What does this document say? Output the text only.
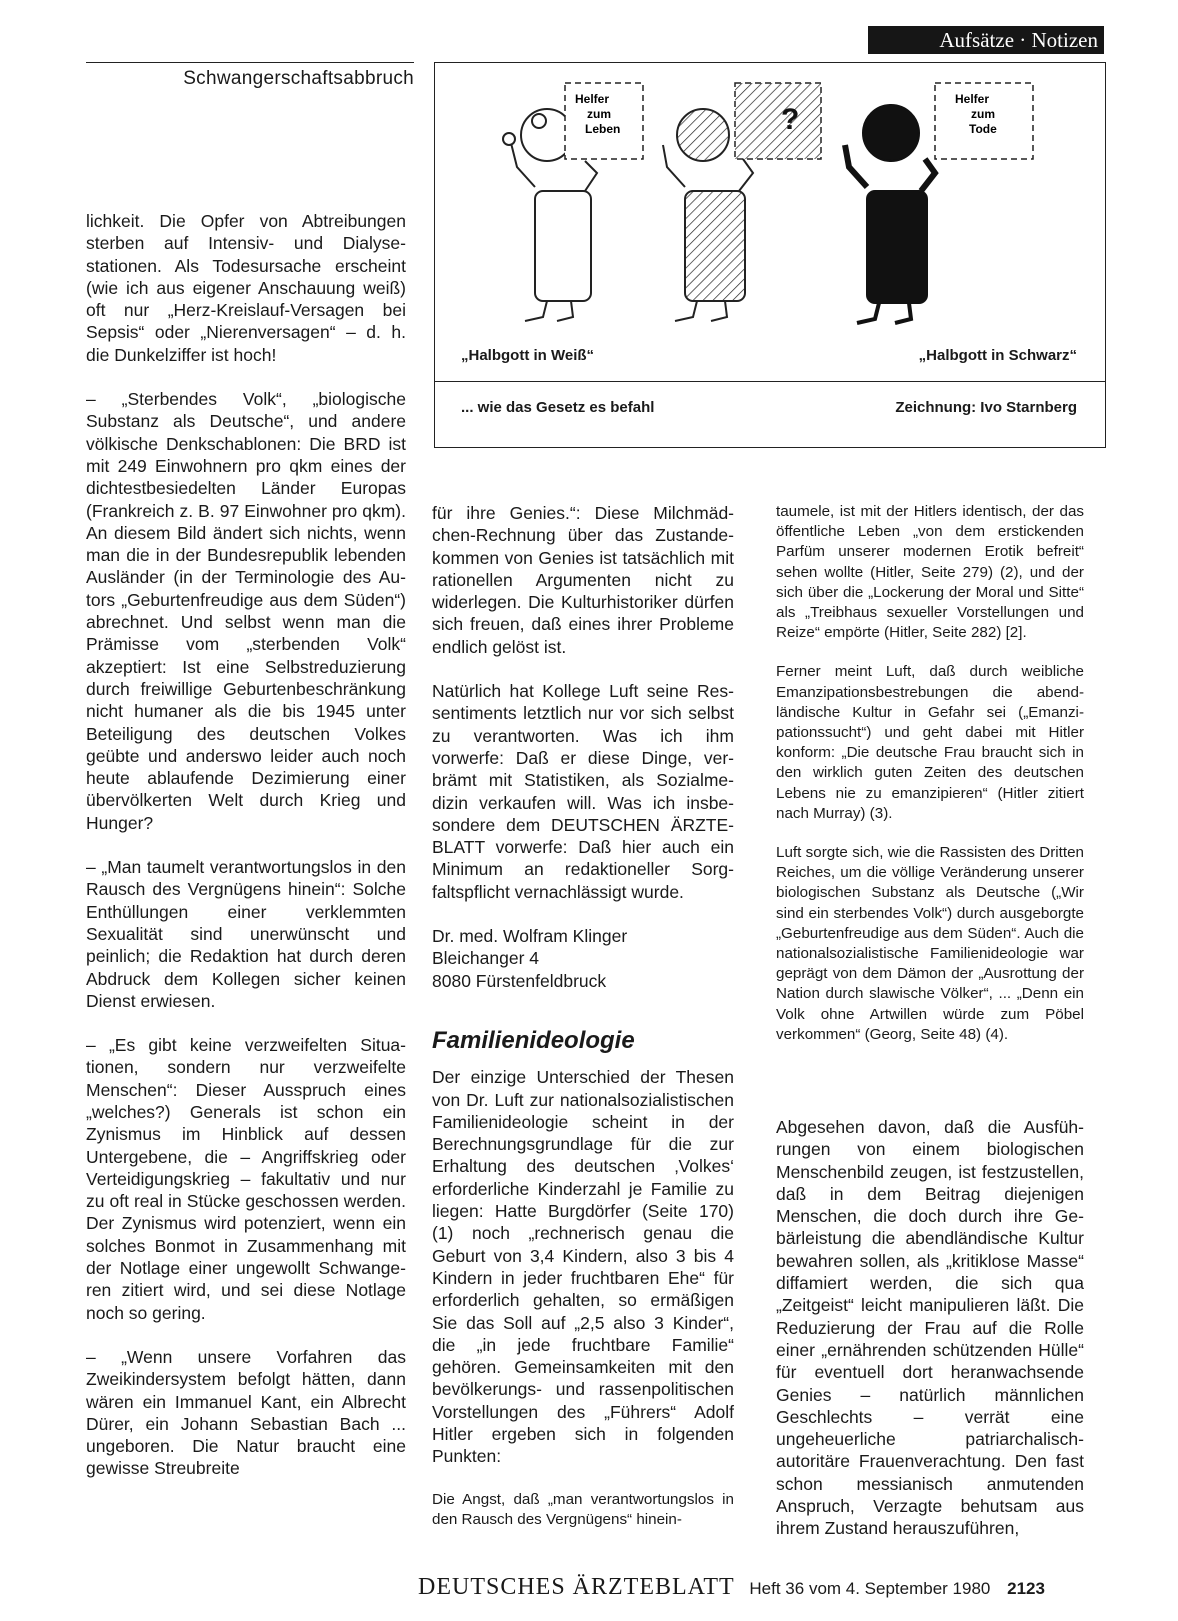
Aufsätze · Notizen
Schwangerschaftsabbruch
Helfer
zum
Leben	?
Helfer
zum
Tode
„Halbgott in Weiß“	„Halbgott in Schwarz“
... wie das Gesetz es befahl	Zeichnung: Ivo Starnberg

lichkeit. Die Opfer von Abtreibungen sterben auf Intensiv- und Dialysestationen. Als Todesursache erscheint (wie ich aus eigener Anschauung weiß) oft nur „Herz-Kreislauf-Versagen bei Sepsis“ oder „Nierenversagen“ – d. h. die Dunkelziffer ist hoch!

– „Sterbendes Volk“, „biologische Substanz als Deutsche“, und andere völkische Denkschablonen: Die BRD ist mit 249 Einwohnern pro qkm eines der dichtestbesiedelten Länder Europas (Frankreich z. B. 97 Einwohner pro qkm). An diesem Bild ändert sich nichts, wenn man die in der Bundesrepublik lebenden Ausländer (in der Terminologie des Autors „Geburtenfreudige aus dem Süden“) abrechnet. Und selbst wenn man die Prämisse vom „sterbenden Volk“ akzeptiert: Ist eine Selbstreduzierung durch freiwillige Geburtenbeschränkung nicht humaner als die bis 1945 unter Beteiligung des deutschen Volkes geübte und anderswo leider auch noch heute ablaufende Dezimierung einer übervölkerten Welt durch Krieg und Hunger?

– „Man taumelt verantwortungslos in den Rausch des Vergnügens hinein“: Solche Enthüllungen einer verklemmten Sexualität sind unerwünscht und peinlich; die Redaktion hat durch deren Abdruck dem Kollegen sicher keinen Dienst erwiesen.

– „Es gibt keine verzweifelten Situationen, sondern nur verzweifelte Menschen“: Dieser Ausspruch eines „welches?) Generals ist schon ein Zynismus im Hinblick auf dessen Untergebene, die – Angriffskrieg oder Verteidigungskrieg – fakultativ und nur zu oft real in Stücke geschossen werden. Der Zynismus wird potenziert, wenn ein solches Bonmot in Zusammenhang mit der Notlage einer ungewollt Schwangeren zitiert wird, und sei diese Notlage noch so gering.

– „Wenn unsere Vorfahren das Zweikindersystem befolgt hätten, dann wären ein Immanuel Kant, ein Albrecht Dürer, ein Johann Sebastian Bach ... ungeboren. Die Natur braucht eine gewisse Streubreite

für ihre Genies.“: Diese Milchmädchen-Rechnung über das Zustandekommen von Genies ist tatsächlich mit rationellen Argumenten nicht zu widerlegen. Die Kulturhistoriker dürfen sich freuen, daß eines ihrer Probleme endlich gelöst ist.

Natürlich hat Kollege Luft seine Ressentiments letztlich nur vor sich selbst zu verantworten. Was ich ihm vorwerfe: Daß er diese Dinge, verbrämt mit Statistiken, als Sozialmedizin verkaufen will. Was ich insbesondere dem DEUTSCHEN ÄRZTEBLATT vorwerfe: Daß hier auch ein Minimum an redaktioneller Sorgfaltspflicht vernachlässigt wurde.

Dr. med. Wolfram Klinger
Bleichanger 4
8080 Fürstenfeldbruck

Familienideologie

Der einzige Unterschied der Thesen von Dr. Luft zur nationalsozialistischen Familienideologie scheint in der Berechnungsgrundlage für die zur Erhaltung des deutschen ‚Volkes‘ erforderliche Kinderzahl je Familie zu liegen: Hatte Burgdörfer (Seite 170) (1) noch „rechnerisch genau die Geburt von 3,4 Kindern, also 3 bis 4 Kindern in jeder fruchtbaren Ehe“ für erforderlich gehalten, so ermäßigen Sie das Soll auf „2,5 also 3 Kinder“, die „in jede fruchtbare Familie“ gehören. Gemeinsamkeiten mit den bevölkerungs- und rassenpolitischen Vorstellungen des „Führers“ Adolf Hitler ergeben sich in folgenden Punkten:

Die Angst, daß „man verantwortungslos in den Rausch des Vergnügens“ hinein-

taumele, ist mit der Hitlers identisch, der das öffentliche Leben „von dem erstickenden Parfüm unserer modernen Erotik befreit“ sehen wollte (Hitler, Seite 279) (2), und der sich über die „Lockerung der Moral und Sitte“ als „Treibhaus sexueller Vorstellungen und Reize“ empörte (Hitler, Seite 282) [2].

Ferner meint Luft, daß durch weibliche Emanzipationsbestrebungen die abendländische Kultur in Gefahr sei („Emanzipationssucht“) und geht dabei mit Hitler konform: „Die deutsche Frau braucht sich in den wirklich guten Zeiten des deutschen Lebens nie zu emanzipieren“ (Hitler zitiert nach Murray) (3).

Luft sorgte sich, wie die Rassisten des Dritten Reiches, um die völlige Veränderung unserer biologischen Substanz als Deutsche („Wir sind ein sterbendes Volk“) durch ausgeborgte „Geburtenfreudige aus dem Süden“. Auch die nationalsozialistische Familienideologie war geprägt von dem Dämon der „Ausrottung der Nation durch slawische Völker“, ... „Denn ein Volk ohne Artwillen würde zum Pöbel verkommen“ (Georg, Seite 48) (4).

Abgesehen davon, daß die Ausführungen von einem biologischen Menschenbild zeugen, ist festzustellen, daß in dem Beitrag diejenigen Menschen, die doch durch ihre Gebärleistung die abendländische Kultur bewahren sollen, als „kritiklose Masse“ diffamiert werden, die sich qua „Zeitgeist“ leicht manipulieren läßt. Die Reduzierung der Frau auf die Rolle einer „ernährenden schützenden Hülle“ für eventuell dort heranwachsende Genies – natürlich männlichen Geschlechts – verrät eine ungeheuerliche patriarchalischautoritäre Frauenverachtung. Den fast schon messianisch anmutenden Anspruch, Verzagte behutsam aus ihrem Zustand herauszuführen,

DEUTSCHES ÄRZTEBLATT Heft 36 vom 4. September 1980 2123
